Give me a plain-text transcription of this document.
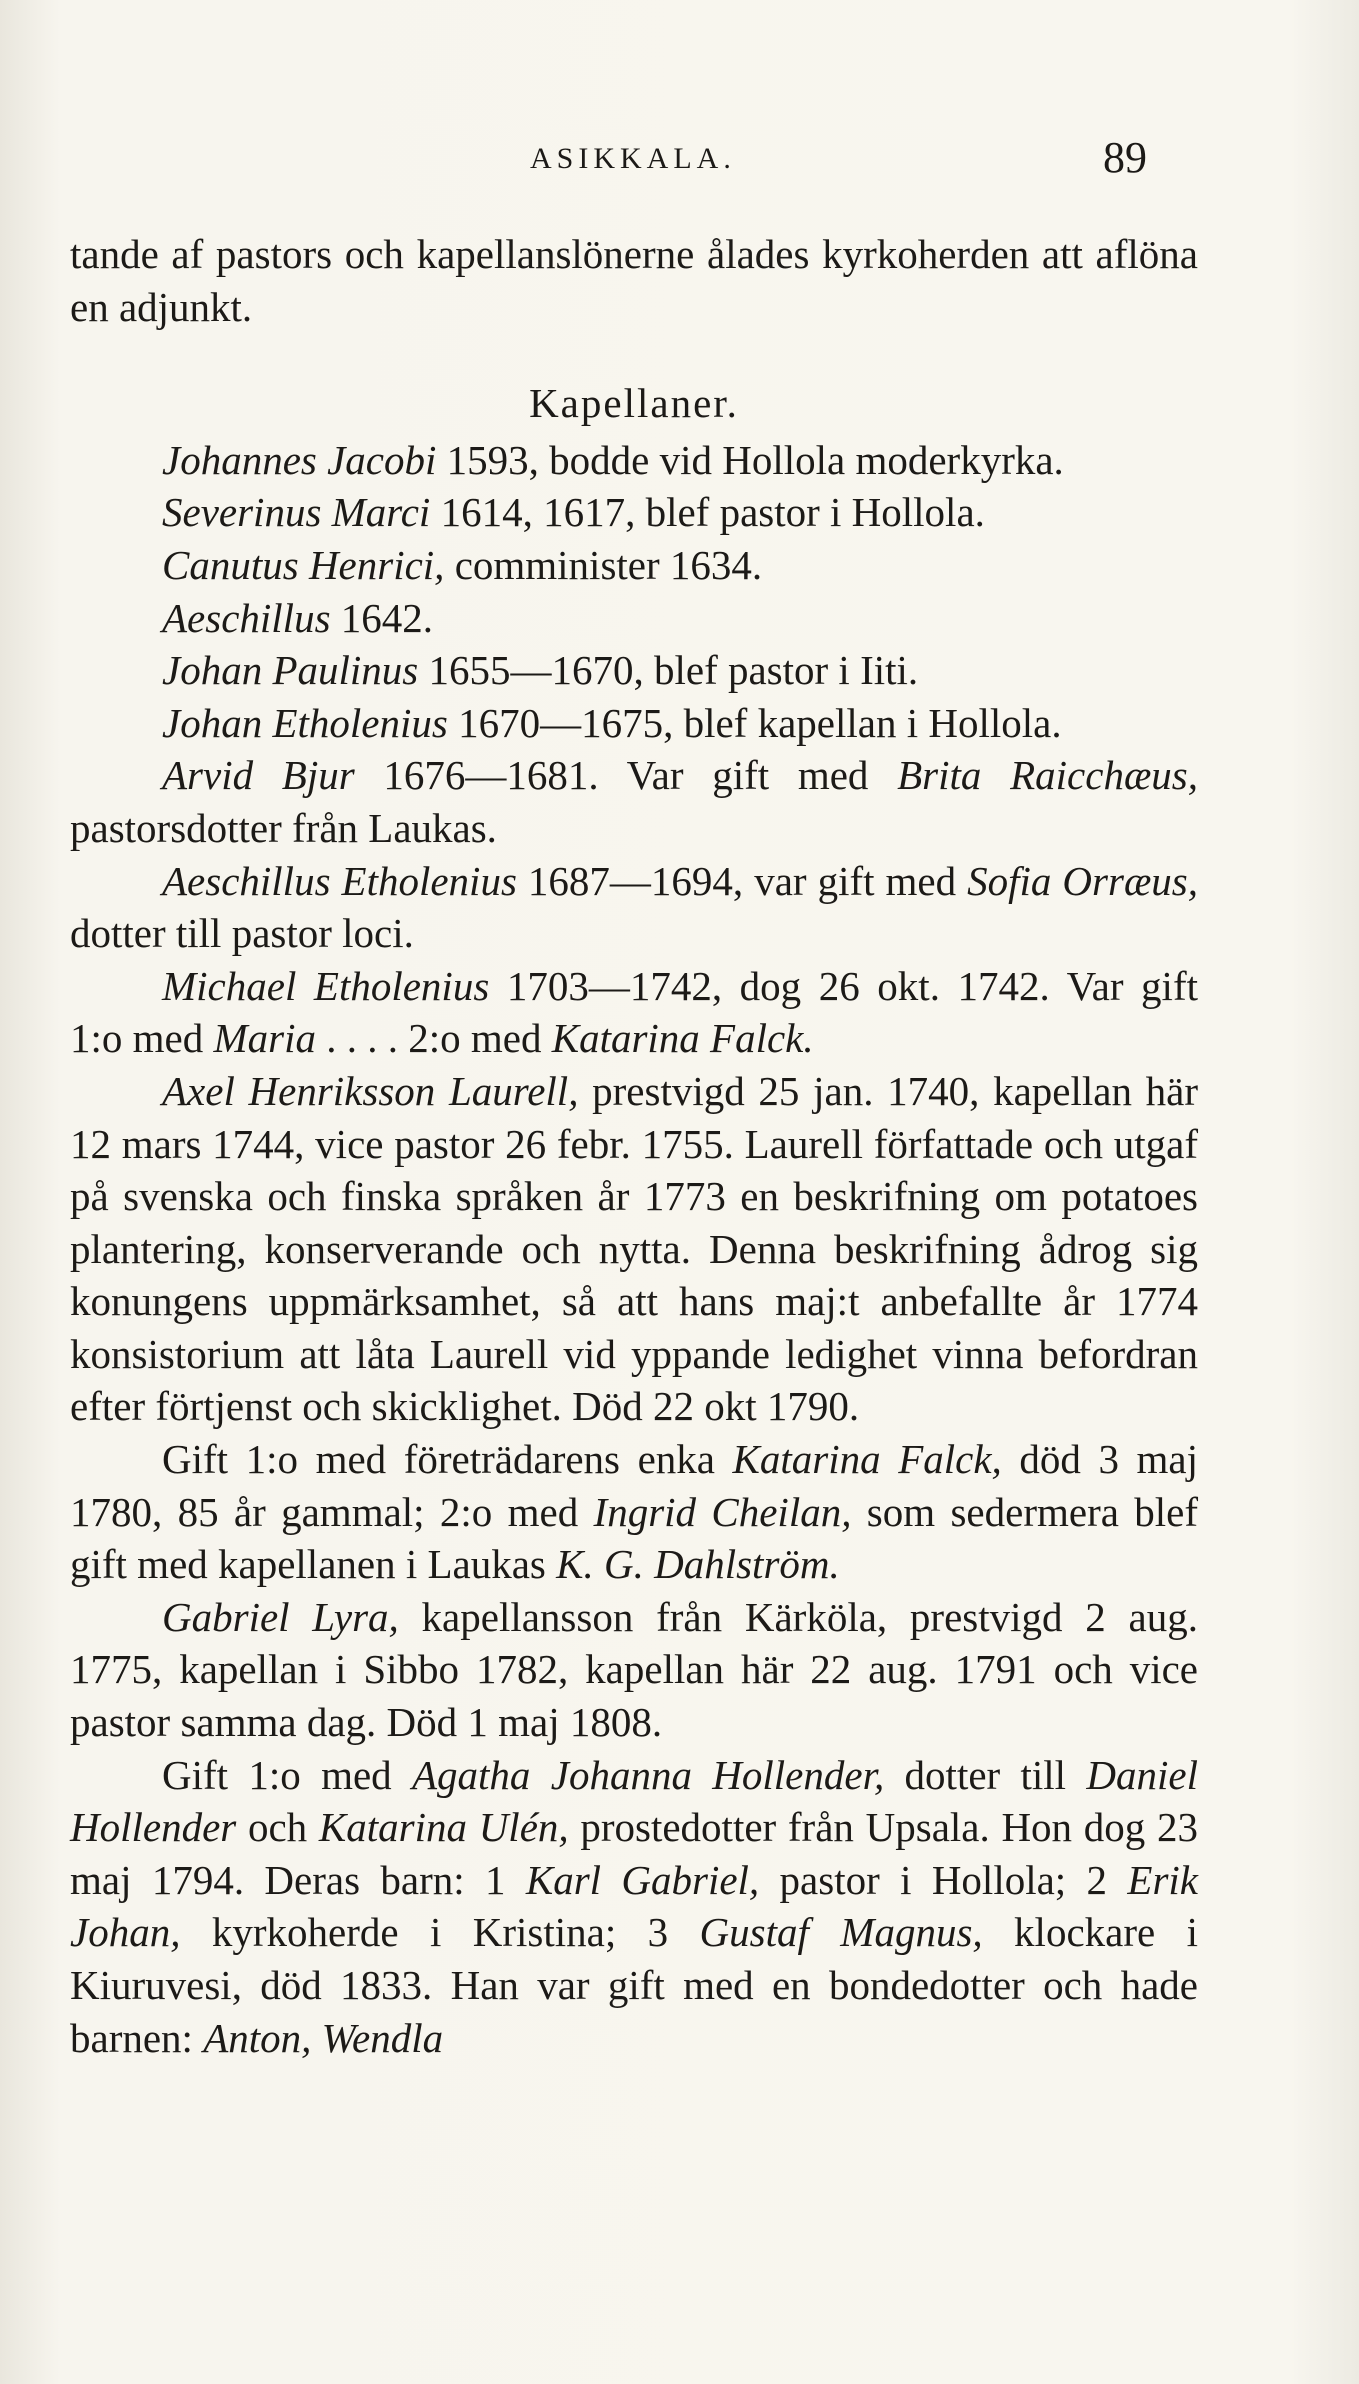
ASIKKALA.	89

tande af pastors och kapellanslönerne ålades kyrkoherden att aflöna en adjunkt.

Kapellaner.

Johannes Jacobi 1593, bodde vid Hollola moderkyrka.

Severinus Marci 1614, 1617, blef pastor i Hollola.

Canutus Henrici, comminister 1634.

Aeschillus 1642.

Johan Paulinus 1655—1670, blef pastor i Iiti.

Johan Etholenius 1670—1675, blef kapellan i Hollola.

Arvid Bjur 1676—1681. Var gift med Brita Raicchæus, pastorsdotter från Laukas.

Aeschillus Etholenius 1687—1694, var gift med Sofia Orræus, dotter till pastor loci.

Michael Etholenius 1703—1742, dog 26 okt. 1742. Var gift 1:o med Maria . . . . 2:o med Katarina Falck.

Axel Henriksson Laurell, prestvigd 25 jan. 1740, kapellan här 12 mars 1744, vice pastor 26 febr. 1755. Laurell författade och utgaf på svenska och finska språken år 1773 en beskrifning om potatoes plantering, konserverande och nytta. Denna beskrifning ådrog sig konungens uppmärksamhet, så att hans maj:t anbefallte år 1774 konsistorium att låta Laurell vid yppande ledighet vinna befordran efter förtjenst och skicklighet. Död 22 okt 1790.

Gift 1:o med företrädarens enka Katarina Falck, död 3 maj 1780, 85 år gammal; 2:o med Ingrid Cheilan, som sedermera blef gift med kapellanen i Laukas K. G. Dahlström.

Gabriel Lyra, kapellansson från Kärköla, prestvigd 2 aug. 1775, kapellan i Sibbo 1782, kapellan här 22 aug. 1791 och vice pastor samma dag. Död 1 maj 1808.

Gift 1:o med Agatha Johanna Hollender, dotter till Daniel Hollender och Katarina Ulén, prostedotter från Upsala. Hon dog 23 maj 1794. Deras barn: 1 Karl Gabriel, pastor i Hollola; 2 Erik Johan, kyrkoherde i Kristina; 3 Gustaf Magnus, klockare i Kiuruvesi, död 1833. Han var gift med en bondedotter och hade barnen: Anton, Wendla
